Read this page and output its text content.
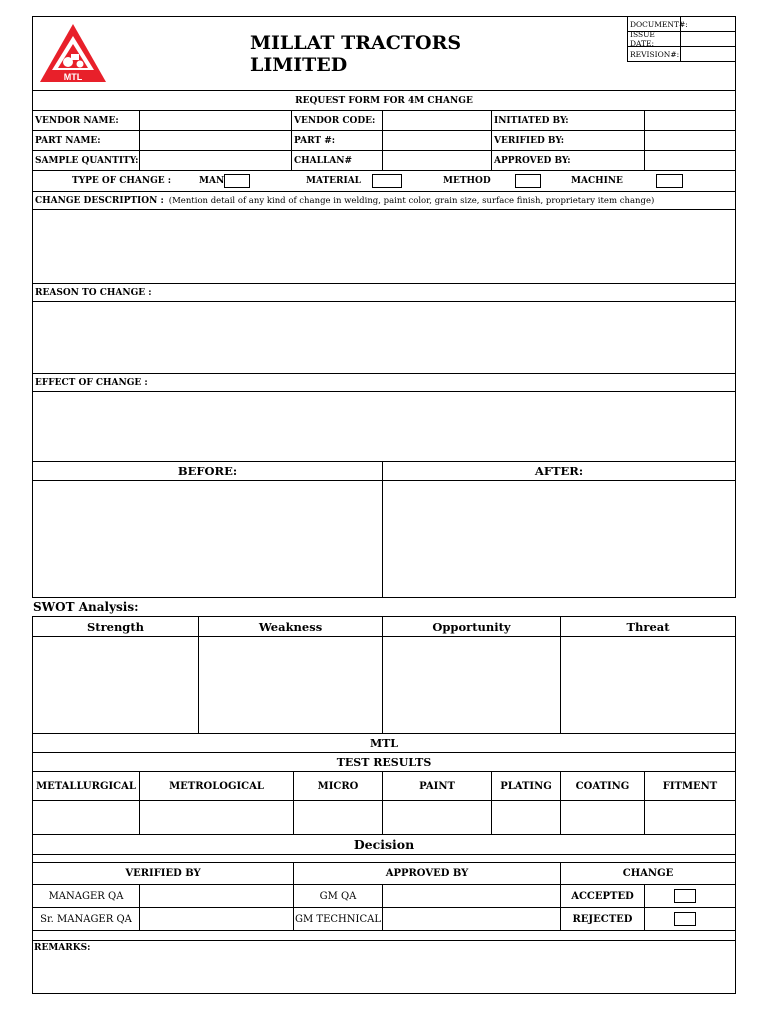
MTL
MILLAT TRACTORS LIMITED
DOCUMENT#:
ISSUE DATE:
REVISION#:
REQUEST FORM FOR 4M CHANGE
VENDOR NAME:	VENDOR CODE:	INITIATED BY:
PART NAME:	PART #:	VERIFIED BY:
SAMPLE QUANTITY:	CHALLAN#	APPROVED BY:
TYPE OF CHANGE :	MAN	MATERIAL	METHOD	MACHINE
CHANGE DESCRIPTION : (Mention detail of any kind of change in welding, paint color, grain size, surface finish, proprietary item change)
REASON TO CHANGE :
EFFECT OF CHANGE :
BEFORE:	AFTER:
SWOT Analysis:
Strength	Weakness	Opportunity	Threat
MTL
TEST RESULTS
METALLURGICAL	METROLOGICAL	MICRO	PAINT	PLATING	COATING	FITMENT
Decision
VERIFIED BY	APPROVED BY	CHANGE
MANAGER QA	GM QA	ACCEPTED
Sr. MANAGER QA	GM TECHNICAL	REJECTED
REMARKS:
